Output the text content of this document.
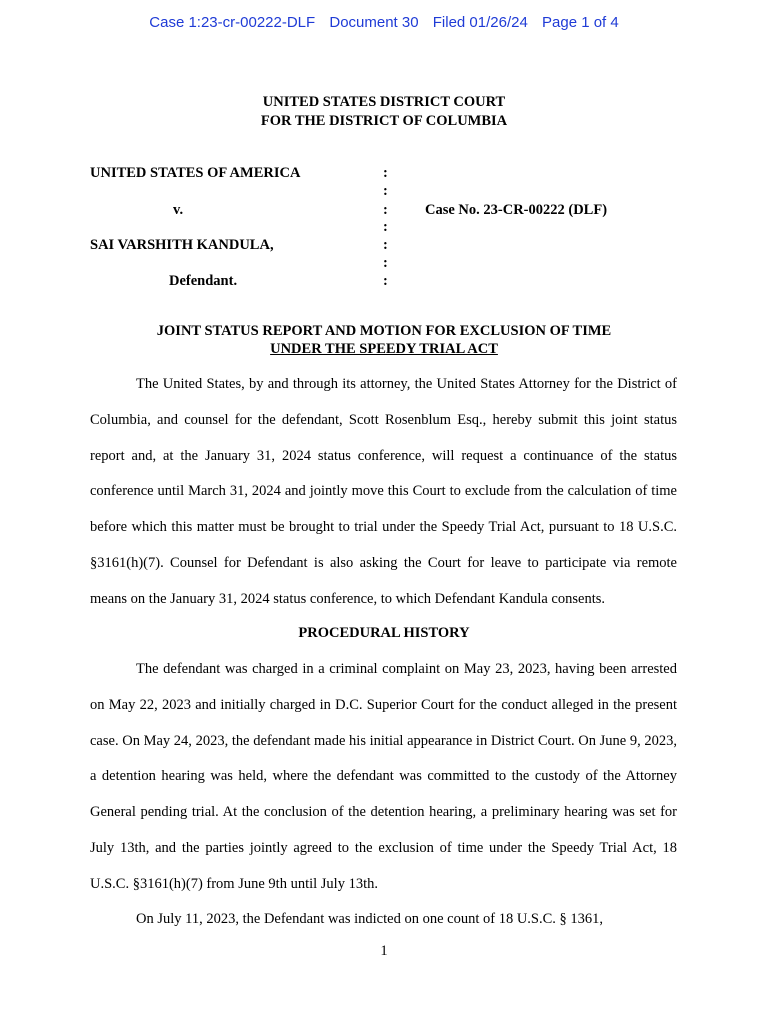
Case 1:23-cr-00222-DLF Document 30 Filed 01/26/24 Page 1 of 4
UNITED STATES DISTRICT COURT
FOR THE DISTRICT OF COLUMBIA
UNITED STATES OF AMERICA
v.
SAI VARSHITH KANDULA,
Defendant.
Case No. 23-CR-00222 (DLF)
:
:
:
:
:
:
:
JOINT STATUS REPORT AND MOTION FOR EXCLUSION OF TIME
UNDER THE SPEEDY TRIAL ACT
The United States, by and through its attorney, the United States Attorney for the District of Columbia, and counsel for the defendant, Scott Rosenblum Esq., hereby submit this joint status report and, at the January 31, 2024 status conference, will request a continuance of the status conference until March 31, 2024 and jointly move this Court to exclude from the calculation of time before which this matter must be brought to trial under the Speedy Trial Act, pursuant to 18 U.S.C. §3161(h)(7). Counsel for Defendant is also asking the Court for leave to participate via remote means on the January 31, 2024 status conference, to which Defendant Kandula consents.
PROCEDURAL HISTORY
The defendant was charged in a criminal complaint on May 23, 2023, having been arrested on May 22, 2023 and initially charged in D.C. Superior Court for the conduct alleged in the present case. On May 24, 2023, the defendant made his initial appearance in District Court. On June 9, 2023, a detention hearing was held, where the defendant was committed to the custody of the Attorney General pending trial. At the conclusion of the detention hearing, a preliminary hearing was set for July 13th, and the parties jointly agreed to the exclusion of time under the Speedy Trial Act, 18 U.S.C. §3161(h)(7) from June 9th until July 13th.
On July 11, 2023, the Defendant was indicted on one count of 18 U.S.C. § 1361,
1
